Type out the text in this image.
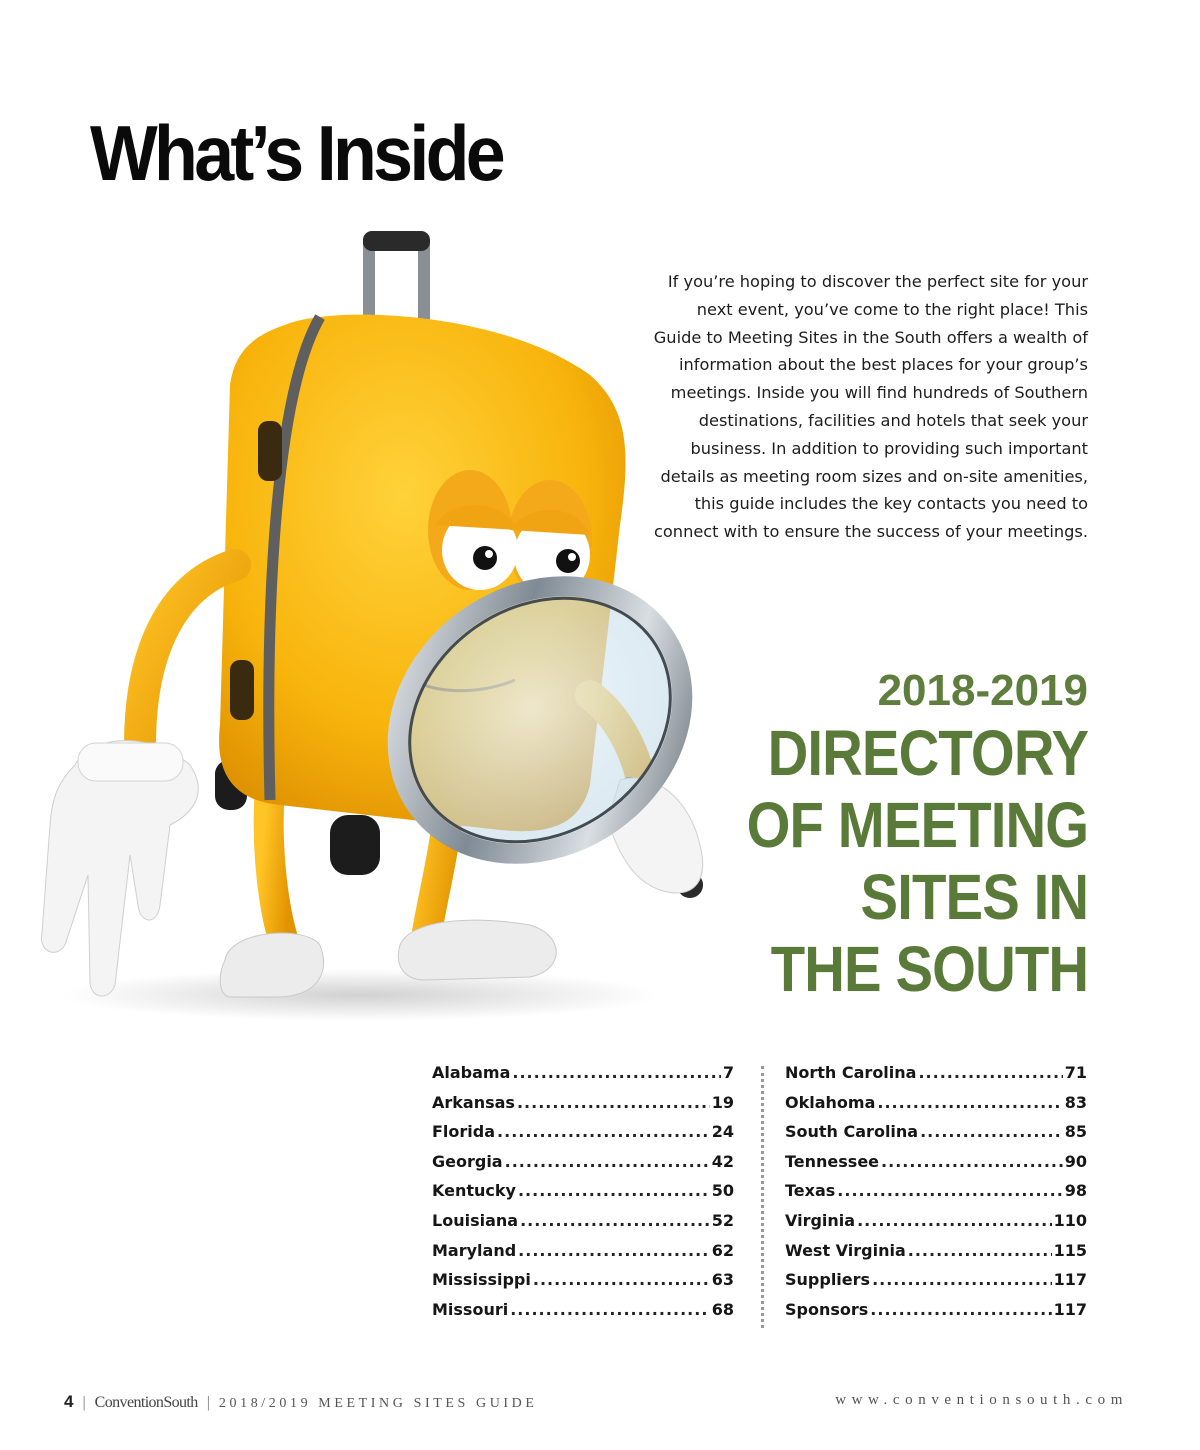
What’s Inside

If you’re hoping to discover the perfect site for your next event, you’ve come to the right place! This Guide to Meeting Sites in the South offers a wealth of information about the best places for your group’s meetings. Inside you will find hundreds of Southern destinations, facilities and hotels that seek your business. In addition to providing such important details as meeting room sizes and on-site amenities, this guide includes the key contacts you need to connect with to ensure the success of your meetings.

2018-2019
DIRECTORY
OF MEETING
SITES IN
THE SOUTH
Alabama .....	7
Arkansas .....	19
Florida .....	24
Georgia .....	42
Kentucky .....	50
Louisiana .....	52
Maryland .....	62
Mississippi .....	63
Missouri .....	68
North Carolina .....	71
Oklahoma .....	83
South Carolina .....	85
Tennessee .....	90
Texas .....	98
Virginia .....	110
West Virginia .....	115
Suppliers .....	117
Sponsors .....	117
4 | ConventionSouth | 2018/2019 MEETING SITES GUIDE	www.conventionsouth.com
